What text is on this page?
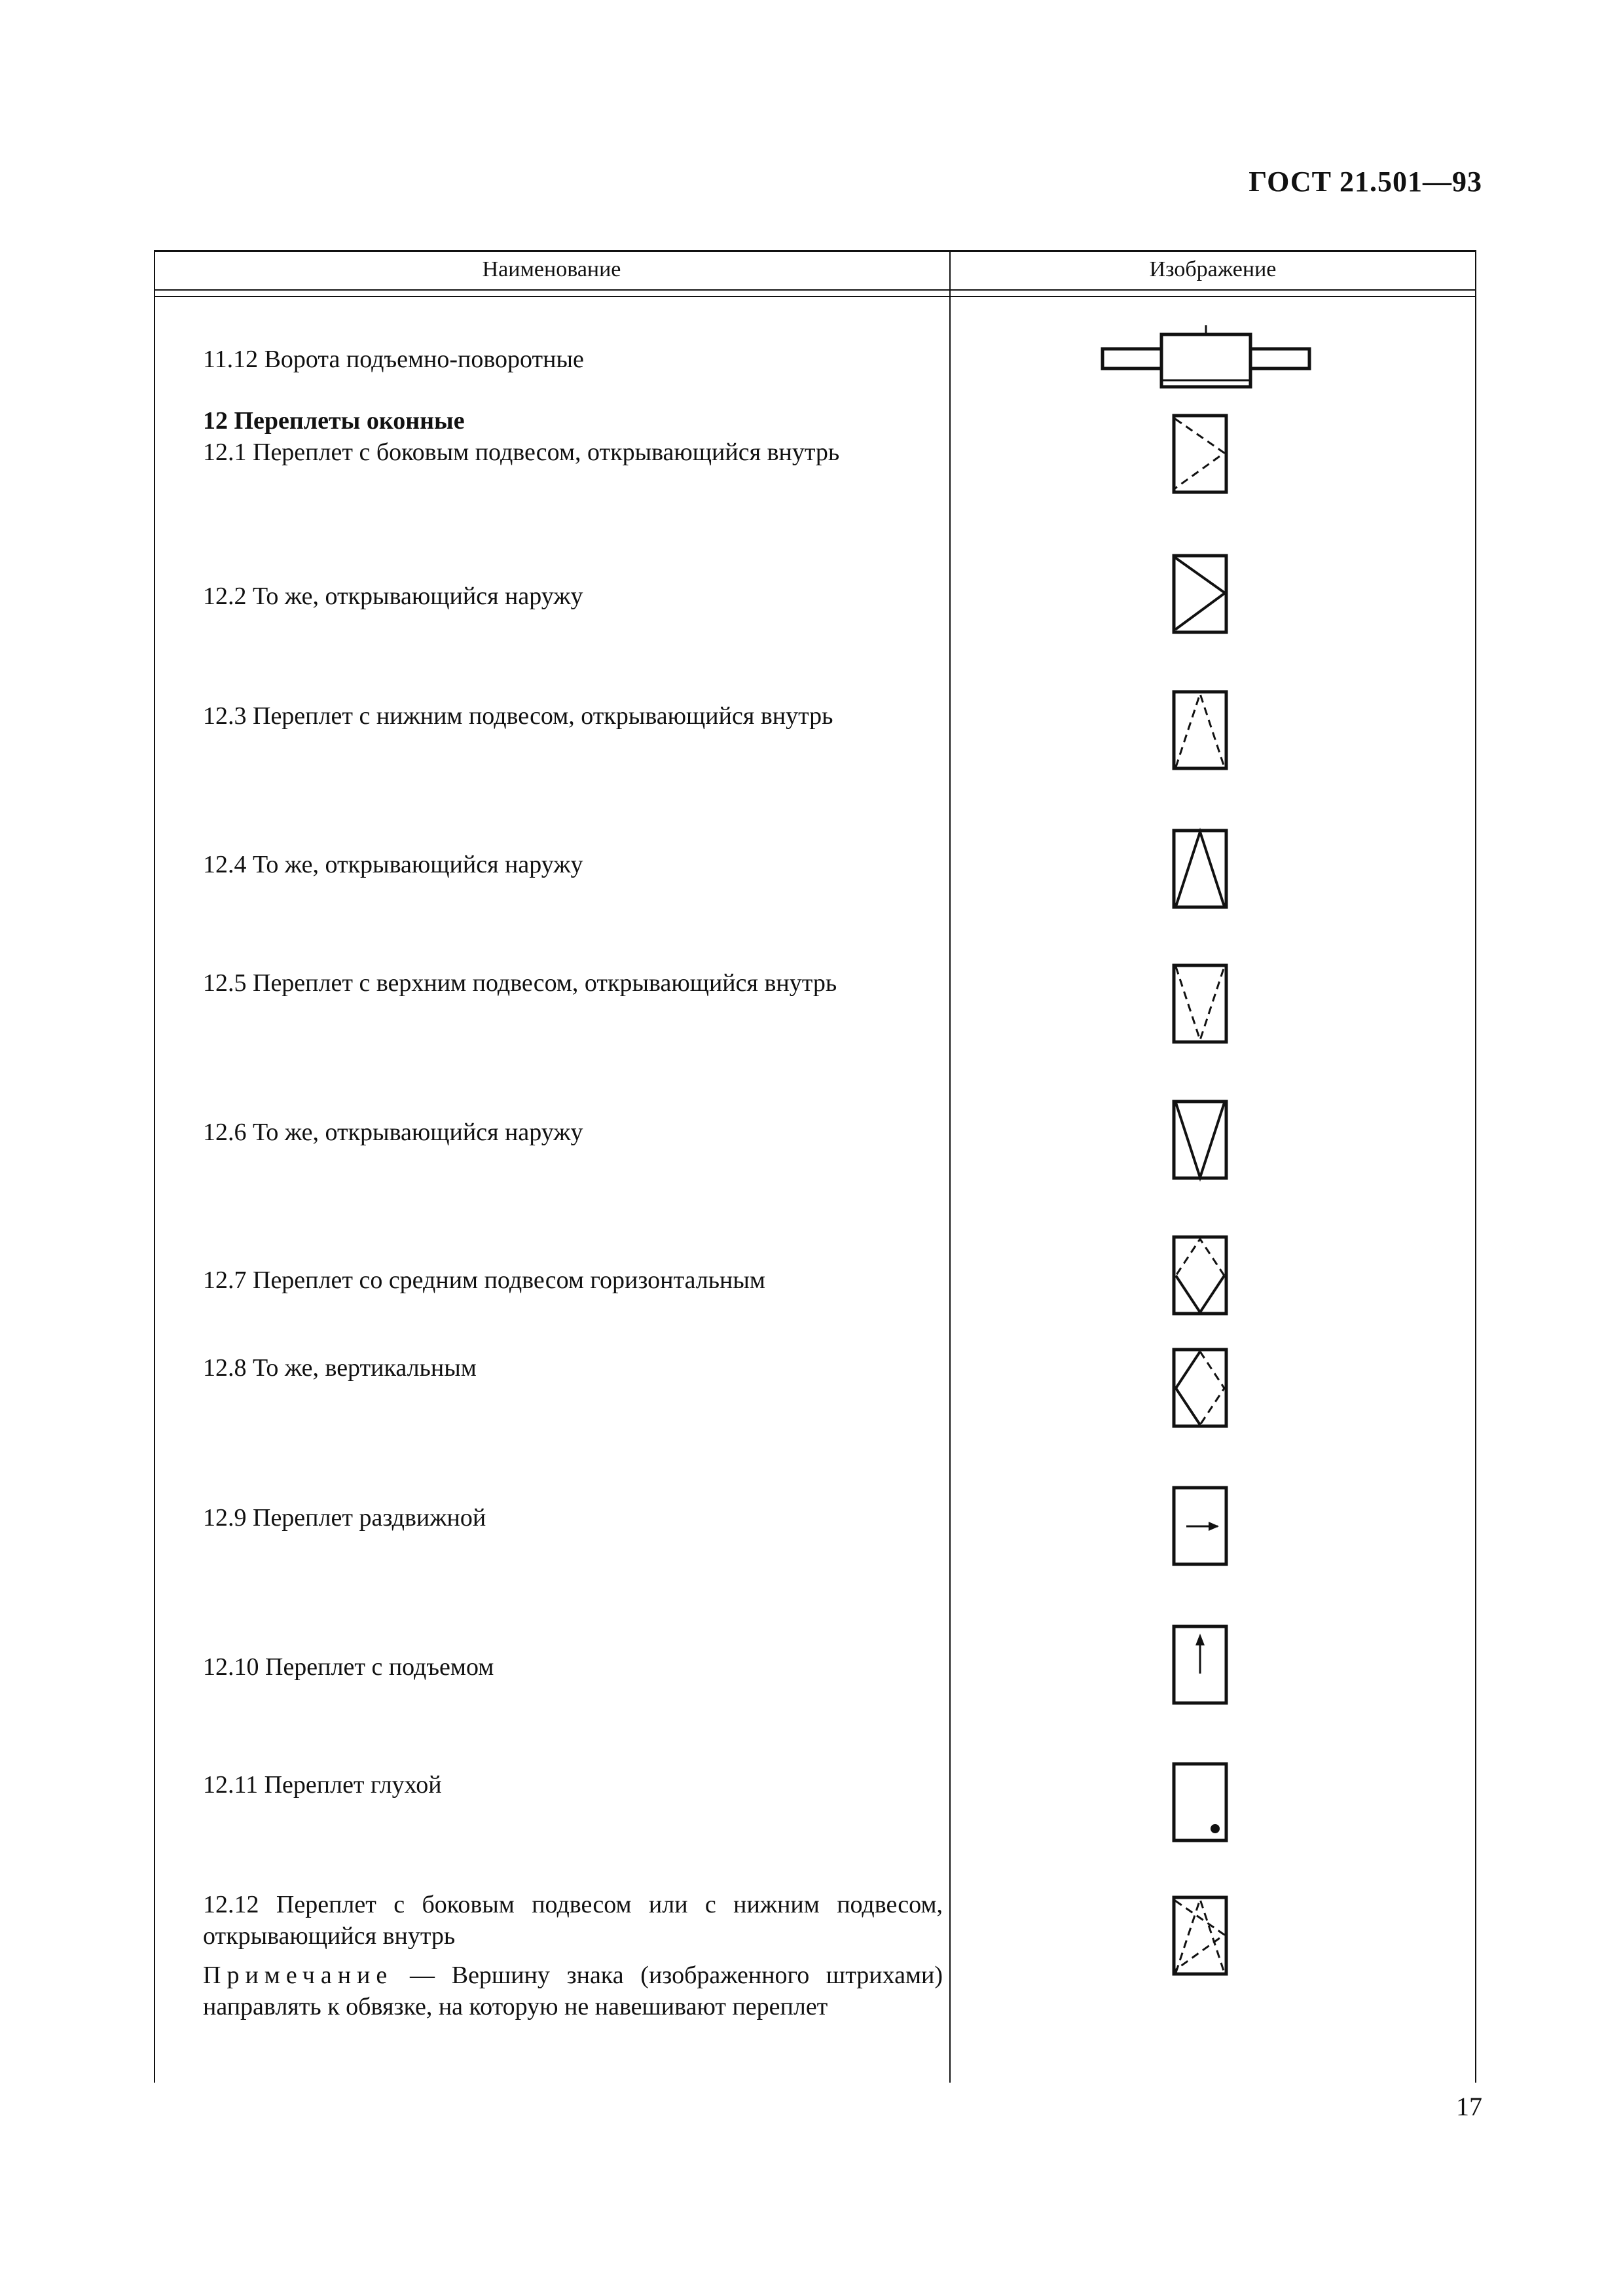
ГОСТ 21.501—93
Наименование	Изображение
11.12 Ворота подъемно-поворотные
12 Переплеты оконные
12.1 Переплет с боковым подвесом, открывающийся внутрь
12.2 То же, открывающийся наружу
12.3 Переплет с нижним подвесом, открывающийся внутрь
12.4 То же, открывающийся наружу
12.5 Переплет с верхним подвесом, открывающийся внутрь
12.6 То же, открывающийся наружу
12.7 Переплет со средним подвесом горизонтальным
12.8 То же, вертикальным
12.9 Переплет раздвижной
12.10 Переплет с подъемом
12.11 Переплет глухой
12.12 Переплет с боковым подвесом или с нижним подвесом, открывающийся внутрь
Примечание — Вершину знака (изображенного штрихами) направлять к обвязке, на которую не навешивают переплет
17
